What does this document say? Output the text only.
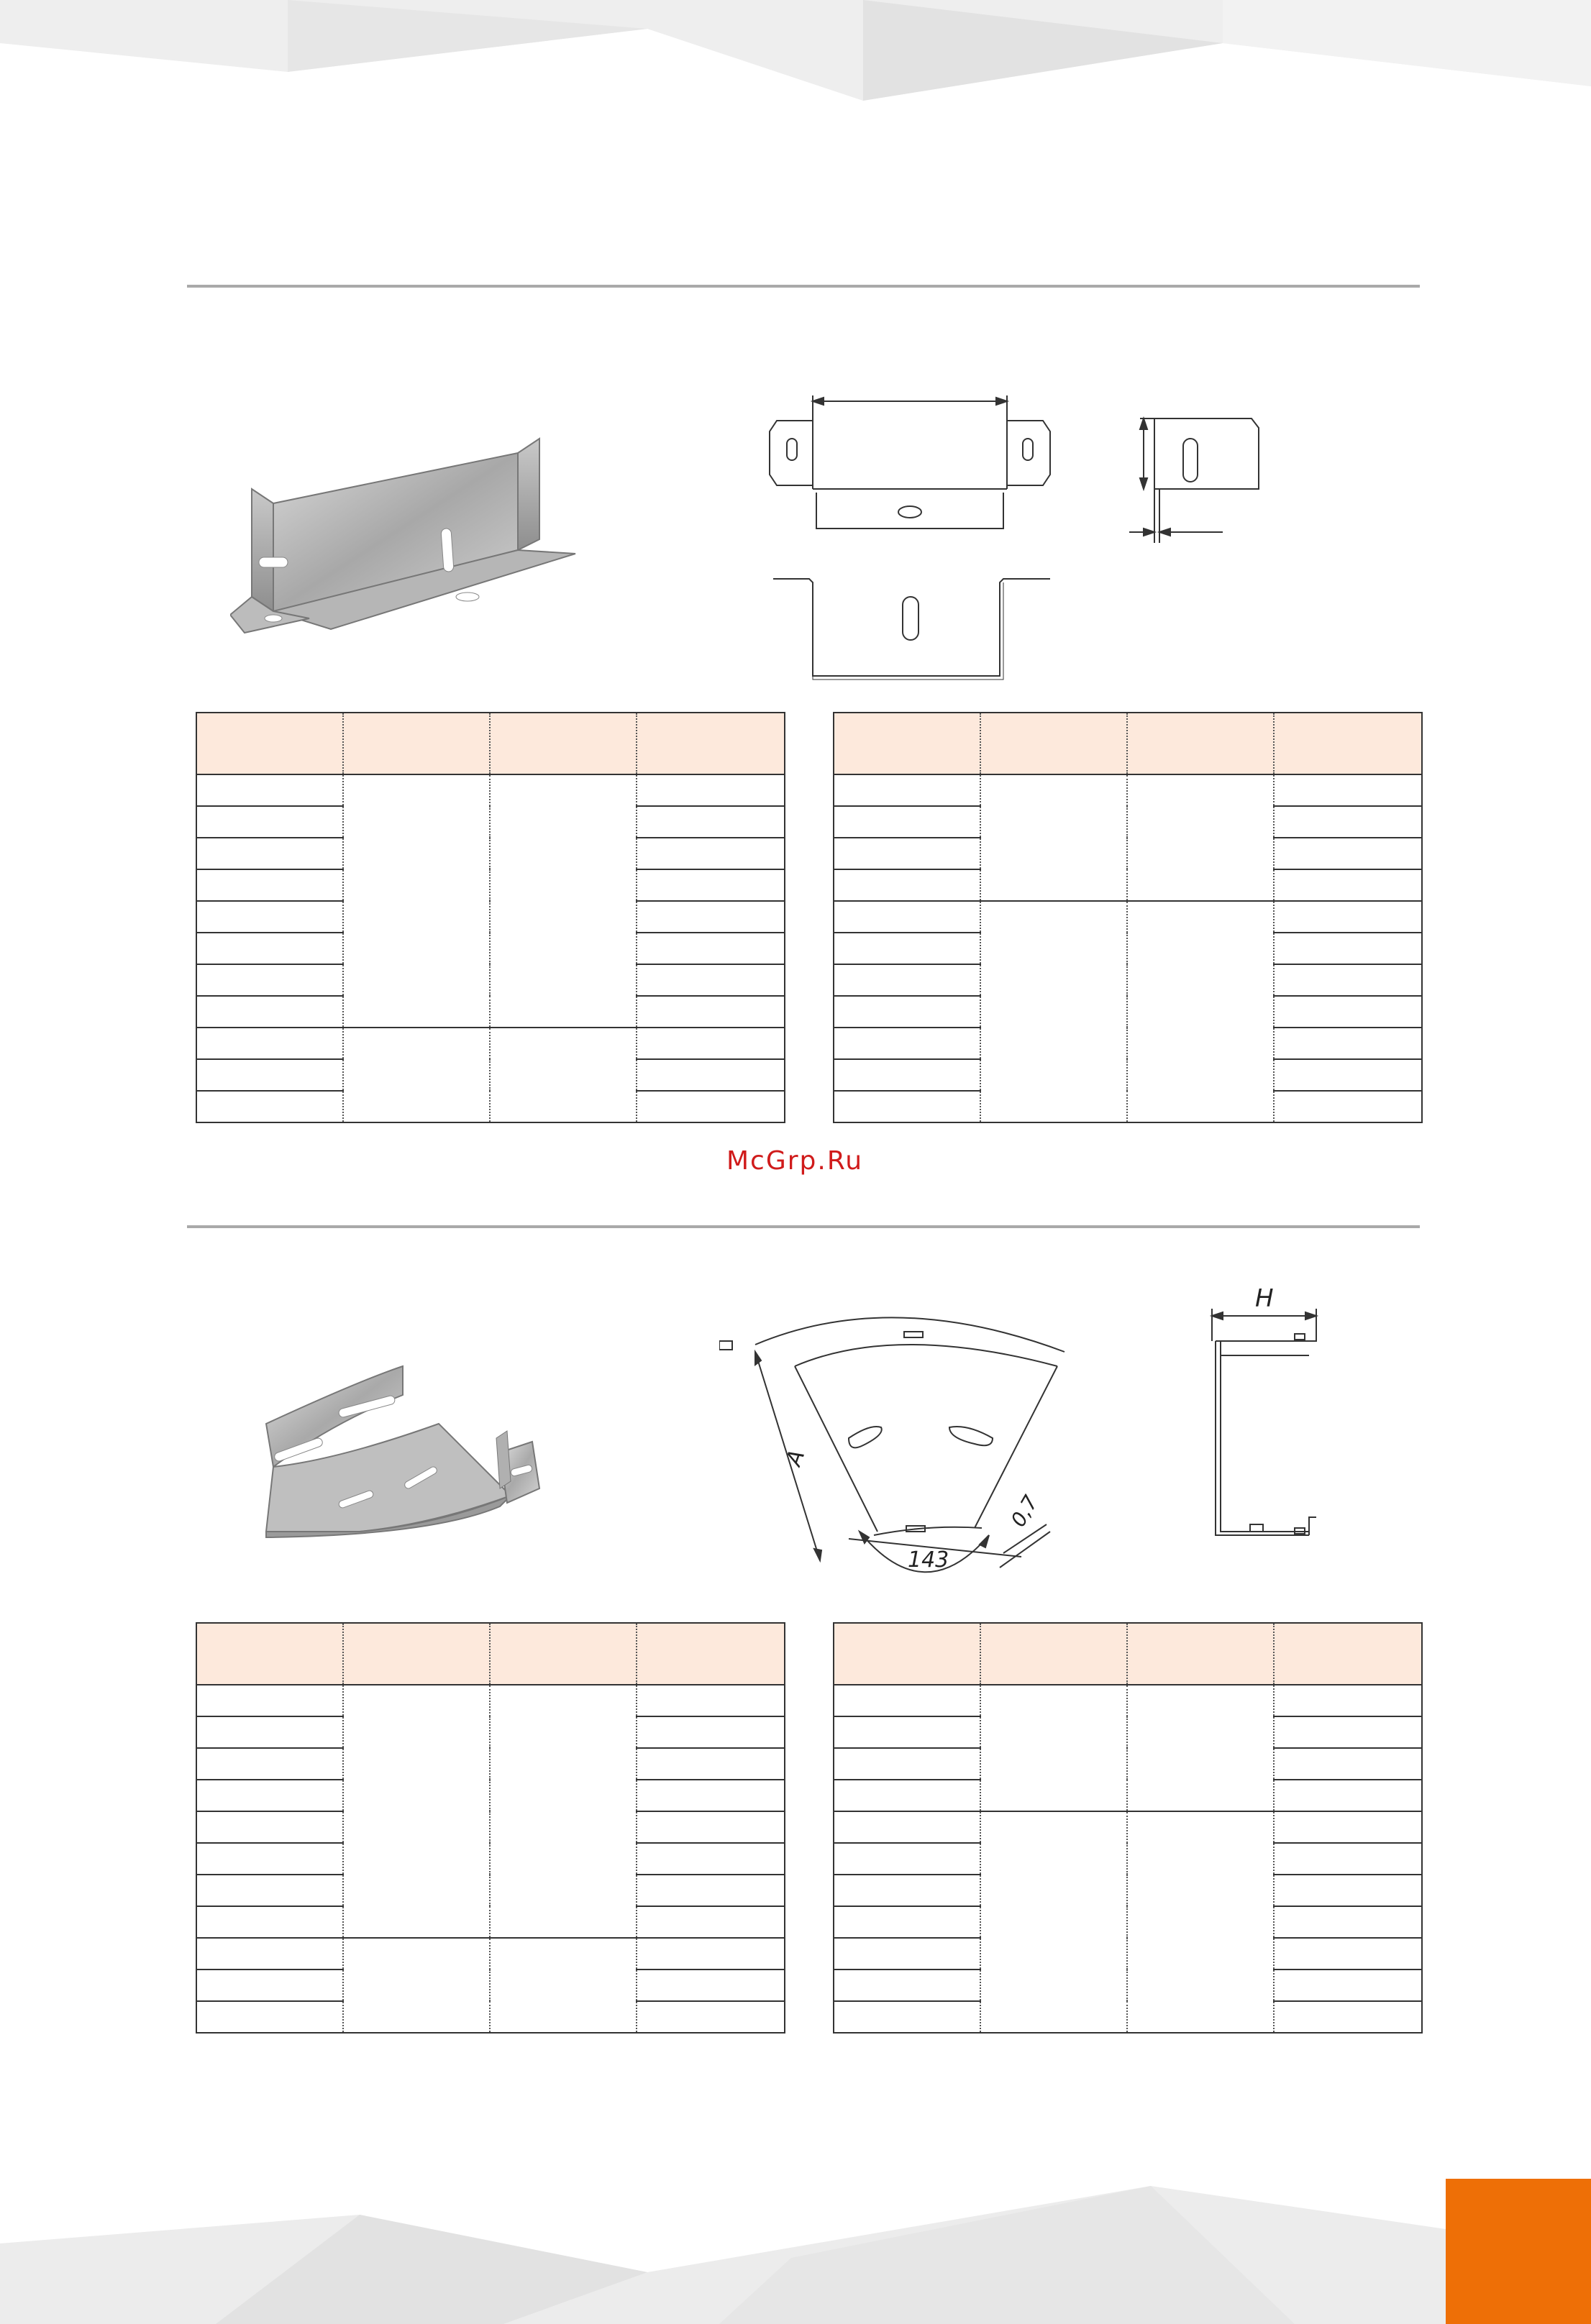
McGrp.Ru
H
A
143
0,7
